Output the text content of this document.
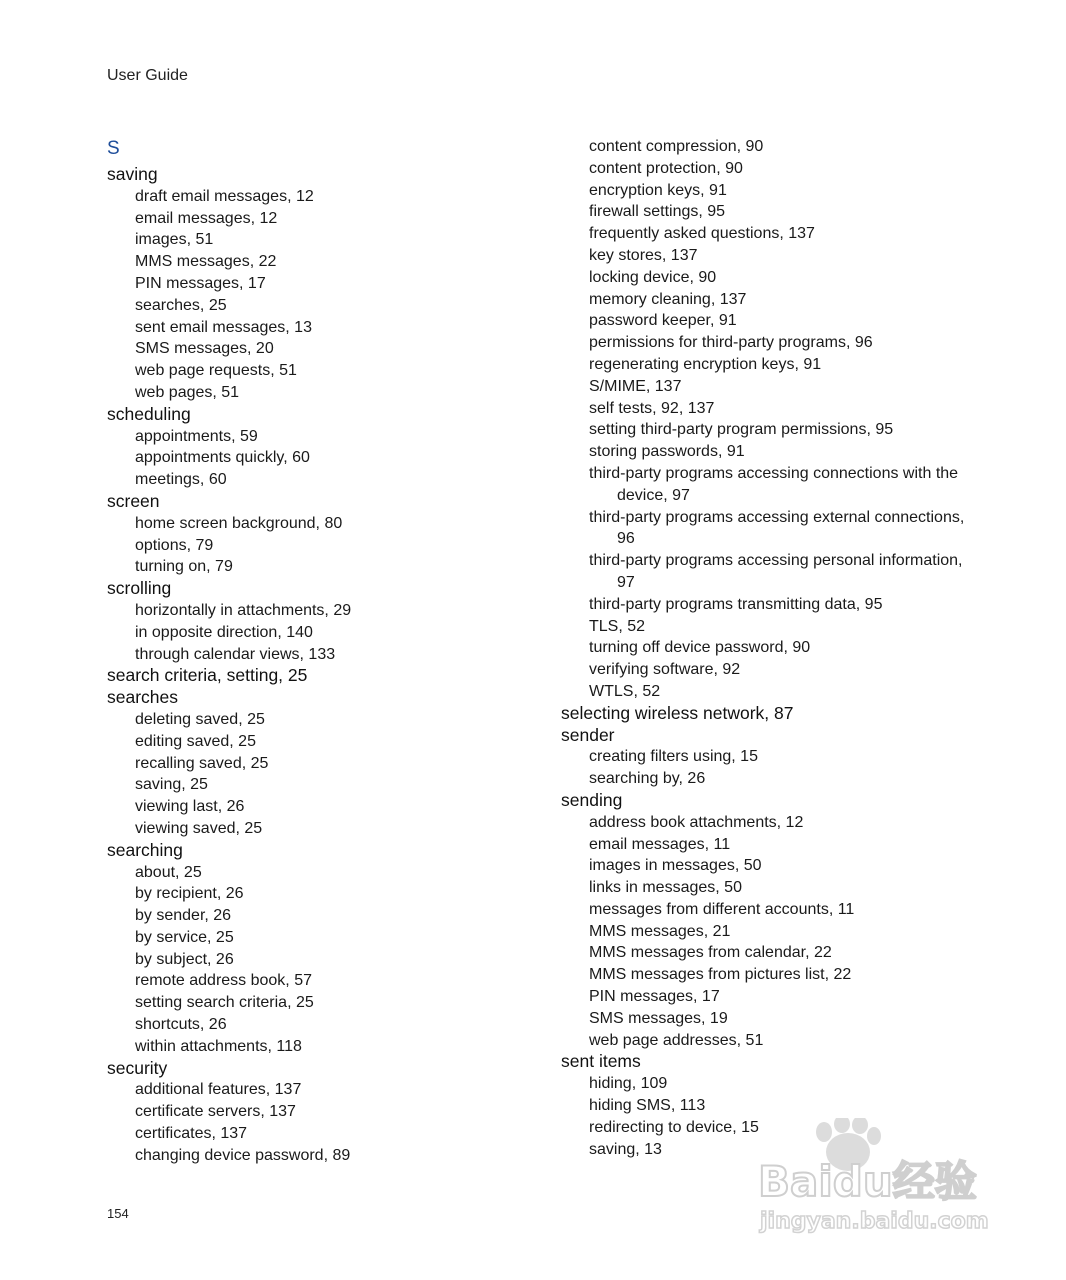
User Guide
S
saving
draft email messages, 12
email messages, 12
images, 51
MMS messages, 22
PIN messages, 17
searches, 25
sent email messages, 13
SMS messages, 20
web page requests, 51
web pages, 51
scheduling
appointments, 59
appointments quickly, 60
meetings, 60
screen
home screen background, 80
options, 79
turning on, 79
scrolling
horizontally in attachments, 29
in opposite direction, 140
through calendar views, 133
search criteria, setting, 25
searches
deleting saved, 25
editing saved, 25
recalling saved, 25
saving, 25
viewing last, 26
viewing saved, 25
searching
about, 25
by recipient, 26
by sender, 26
by service, 25
by subject, 26
remote address book, 57
setting search criteria, 25
shortcuts, 26
within attachments, 118
security
additional features, 137
certificate servers, 137
certificates, 137
changing device password, 89
content compression, 90
content protection, 90
encryption keys, 91
firewall settings, 95
frequently asked questions, 137
key stores, 137
locking device, 90
memory cleaning, 137
password keeper, 91
permissions for third-party programs, 96
regenerating encryption keys, 91
S/MIME, 137
self tests, 92, 137
setting third-party program permissions, 95
storing passwords, 91
third-party programs accessing connections with the device, 97
third-party programs accessing external connections, 96
third-party programs accessing personal information, 97
third-party programs transmitting data, 95
TLS, 52
turning off device password, 90
verifying software, 92
WTLS, 52
selecting wireless network, 87
sender
creating filters using, 15
searching by, 26
sending
address book attachments, 12
email messages, 11
images in messages, 50
links in messages, 50
messages from different accounts, 11
MMS messages, 21
MMS messages from calendar, 22
MMS messages from pictures list, 22
PIN messages, 17
SMS messages, 19
web page addresses, 51
sent items
hiding, 109
hiding SMS, 113
redirecting to device, 15
saving, 13
154
Baidu经验
jingyan.baidu.com
